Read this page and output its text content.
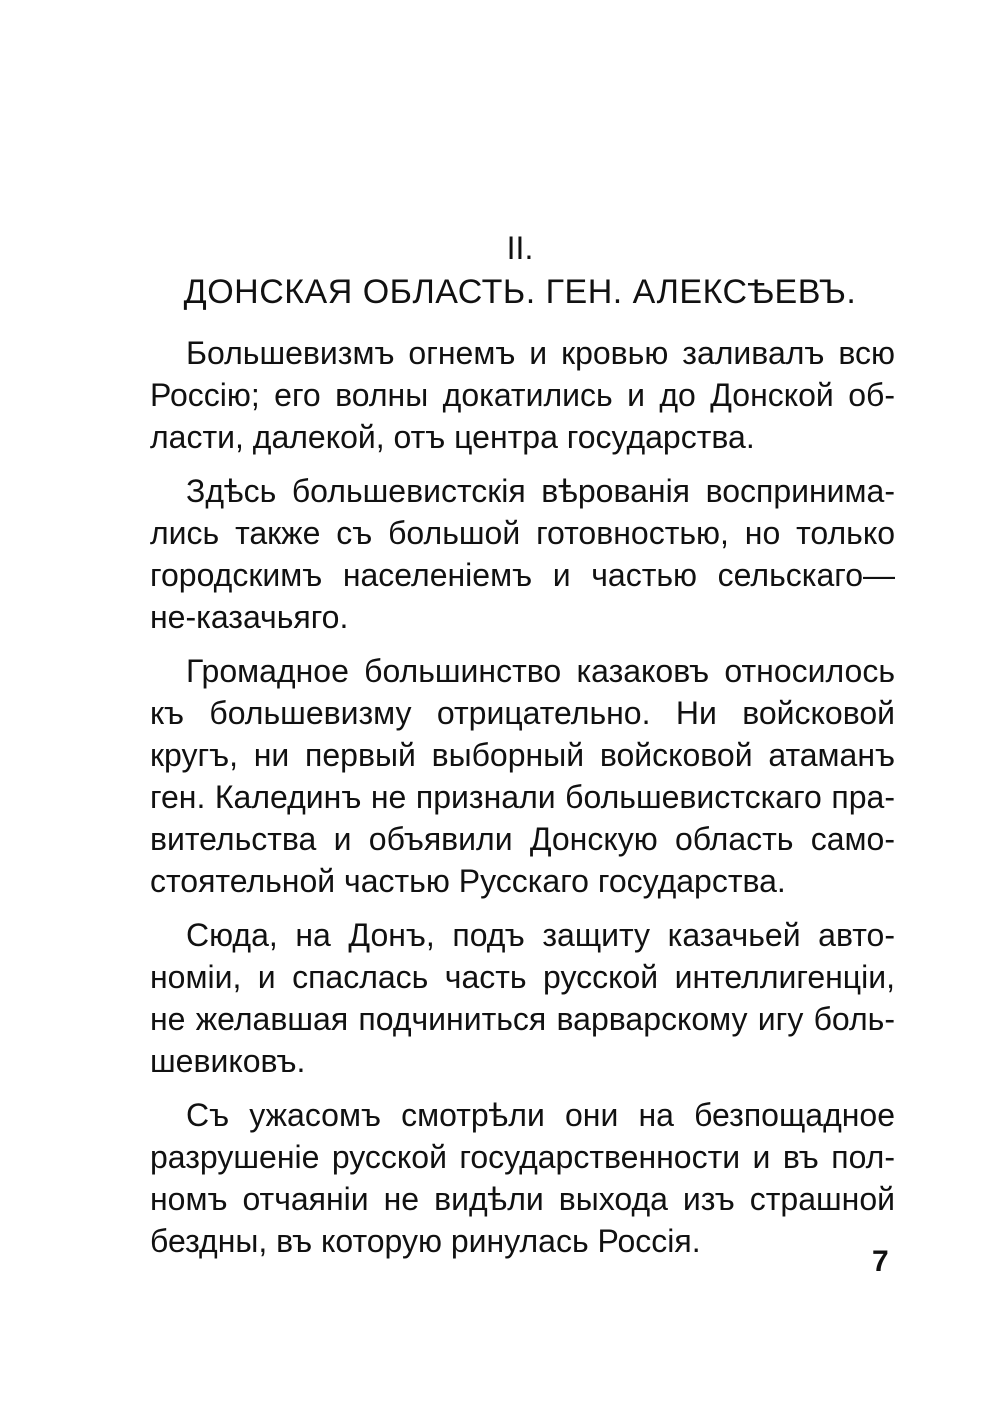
II.
ДОНСКАЯ ОБЛАСТЬ. ГЕН. АЛЕКСѢЕВЪ.

Большевизмъ огнемъ и кровью заливалъ всю
Россію; его волны докатились и до Донской об-
ласти, далекой, отъ центра государства.

Здѣсь большевистскія вѣрованія воспринима-
лись также съ большой готовностью, но только
городскимъ населеніемъ и частью сельскаго—
не-казачьяго.

Громадное большинство казаковъ относилось
къ большевизму отрицательно. Ни войсковой
кругъ, ни первый выборный войсковой атаманъ
ген. Калединъ не признали большевистскаго пра-
вительства и объявили Донскую область само-
стоятельной частью Русскаго государства.

Сюда, на Донъ, подъ защиту казачьей авто-
номіи, и спаслась часть русской интеллигенціи,
не желавшая подчиниться варварскому игу боль-
шевиковъ.

Съ ужасомъ смотрѣли они на безпощадное
разрушеніе русской государственности и въ пол-
номъ отчаяніи не видѣли выхода изъ страшной
бездны, въ которую ринулась Россія.

7
